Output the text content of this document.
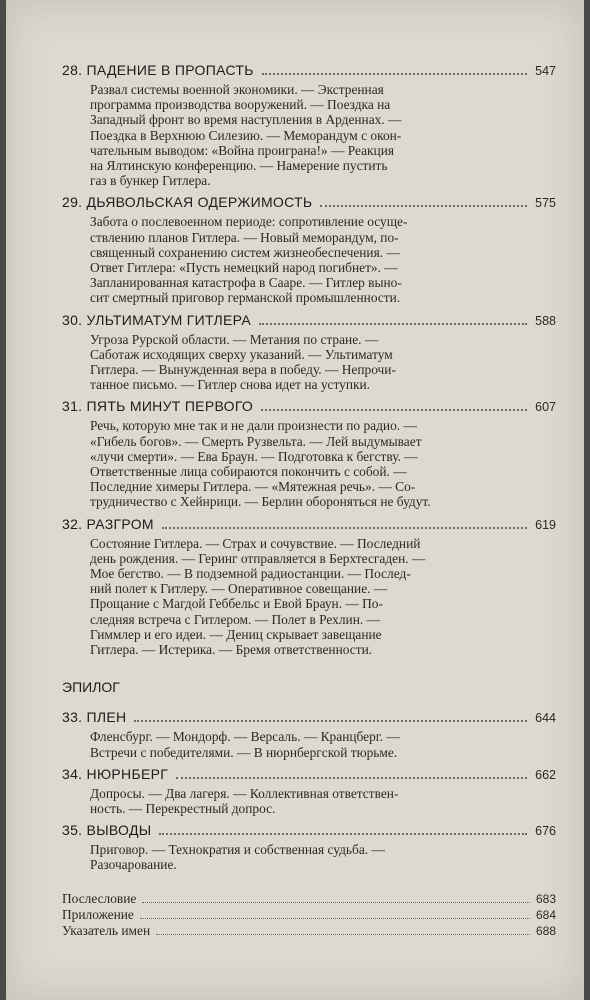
28. ПАДЕНИЕ В ПРОПАСТЬ	547
Развал системы военной экономики. — Экстренная
программа производства вооружений. — Поездка на
Западный фронт во время наступления в Арденнах. —
Поездка в Верхнюю Силезию. — Меморандум с окон-
чательным выводом: «Война проиграна!» — Реакция
на Ялтинскую конференцию. — Намерение пустить
газ в бункер Гитлера.
29. ДЬЯВОЛЬСКАЯ ОДЕРЖИМОСТЬ	575
Забота о послевоенном периоде: сопротивление осуще-
ствлению планов Гитлера. — Новый меморандум, по-
священный сохранению систем жизнеобеспечения. —
Ответ Гитлера: «Пусть немецкий народ погибнет». —
Запланированная катастрофа в Сааре. — Гитлер выно-
сит смертный приговор германской промышленности.
30. УЛЬТИМАТУМ ГИТЛЕРА	588
Угроза Рурской области. — Метания по стране. —
Саботаж исходящих сверху указаний. — Ультиматум
Гитлера. — Вынужденная вера в победу. — Непрочи-
танное письмо. — Гитлер снова идет на уступки.
31. ПЯТЬ МИНУТ ПЕРВОГО	607
Речь, которую мне так и не дали произнести по радио. —
«Гибель богов». — Смерть Рузвельта. — Лей выдумывает
«лучи смерти». — Ева Браун. — Подготовка к бегству. —
Ответственные лица собираются покончить с собой. —
Последние химеры Гитлера. — «Мятежная речь». — Со-
трудничество с Хейнрици. — Берлин обороняться не будут.
32. РАЗГРОМ	619
Состояние Гитлера. — Страх и сочувствие. — Последний
день рождения. — Геринг отправляется в Берхтесгаден. —
Мое бегство. — В подземной радиостанции. — Послед-
ний полет к Гитлеру. — Оперативное совещание. —
Прощание с Магдой Геббельс и Евой Браун. — По-
следняя встреча с Гитлером. — Полет в Рехлин. —
Гиммлер и его идеи. — Дениц скрывает завещание
Гитлера. — Истерика. — Бремя ответственности.
ЭПИЛОГ
33. ПЛЕН	644
Фленсбург. — Мондорф. — Версаль. — Кранцберг. —
Встречи с победителями. — В нюрнбергской тюрьме.
34. НЮРНБЕРГ	662
Допросы. — Два лагеря. — Коллективная ответствен-
ность. — Перекрестный допрос.
35. ВЫВОДЫ	676
Приговор. — Технократия и собственная судьба. —
Разочарование.
Послесловие	683
Приложение	684
Указатель имен	688
